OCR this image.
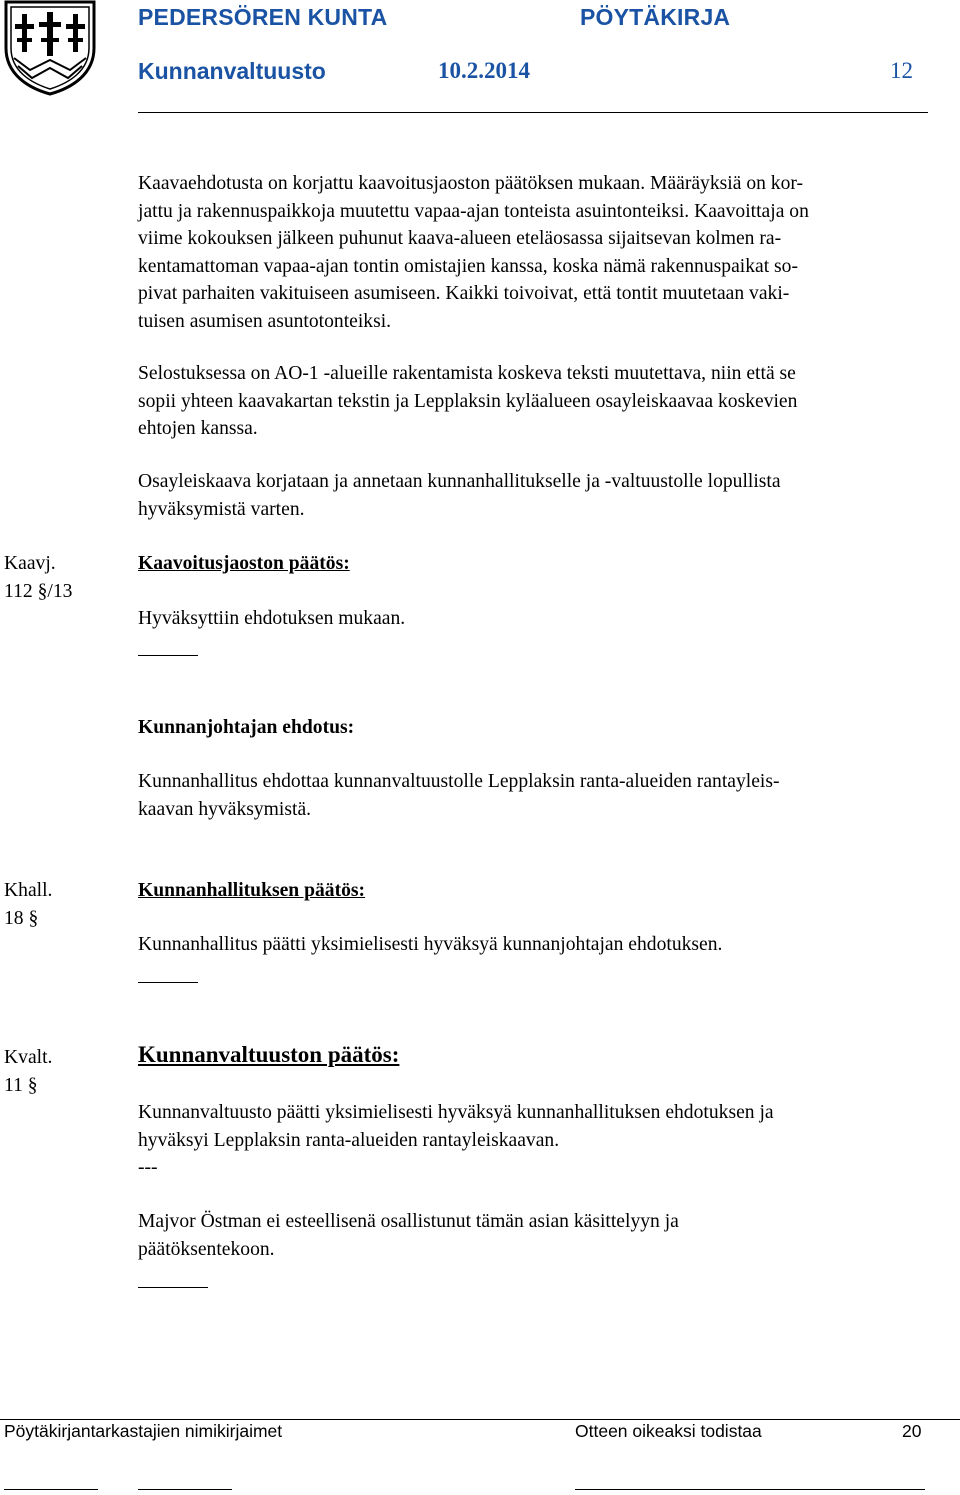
PEDERSÖREN KUNTA	PÖYTÄKIRJA
Kunnanvaltuusto	10.2.2014	12

Kaavaehdotusta on korjattu kaavoitusjaoston päätöksen mukaan. Määräyksiä on kor-

jattu ja rakennuspaikkoja muutettu vapaa-ajan tonteista asuintonteiksi. Kaavoittaja on

viime kokouksen jälkeen puhunut kaava-alueen eteläosassa sijaitsevan kolmen ra-

kentamattoman vapaa-ajan tontin omistajien kanssa, koska nämä rakennuspaikat so-

pivat parhaiten vakituiseen asumiseen. Kaikki toivoivat, että tontit muutetaan vaki-

tuisen asumisen asuntotonteiksi.

Selostuksessa on AO-1 -alueille rakentamista koskeva teksti muutettava, niin että se

sopii yhteen kaavakartan tekstin ja Lepplaksin kyläalueen osayleiskaavaa koskevien

ehtojen kanssa.

Osayleiskaava korjataan ja annetaan kunnanhallitukselle ja -valtuustolle lopullista

hyväksymistä varten.

Kaavj.

112 §/13

Kaavoitusjaoston päätös:

Hyväksyttiin ehdotuksen mukaan.

Kunnanjohtajan ehdotus:

Kunnanhallitus ehdottaa kunnanvaltuustolle Lepplaksin ranta-alueiden rantayleis-

kaavan hyväksymistä.

Khall.

18 §

Kunnanhallituksen päätös:

Kunnanhallitus päätti yksimielisesti hyväksyä kunnanjohtajan ehdotuksen.

Kvalt.

11 §

Kunnanvaltuuston päätös:

Kunnanvaltuusto päätti yksimielisesti hyväksyä kunnanhallituksen ehdotuksen ja

hyväksyi Lepplaksin ranta-alueiden rantayleiskaavan.

---

Majvor Östman ei esteellisenä osallistunut tämän asian käsittelyyn ja

päätöksentekoon.

Pöytäkirjantarkastajien nimikirjaimet	Otteen oikeaksi todistaa	20
